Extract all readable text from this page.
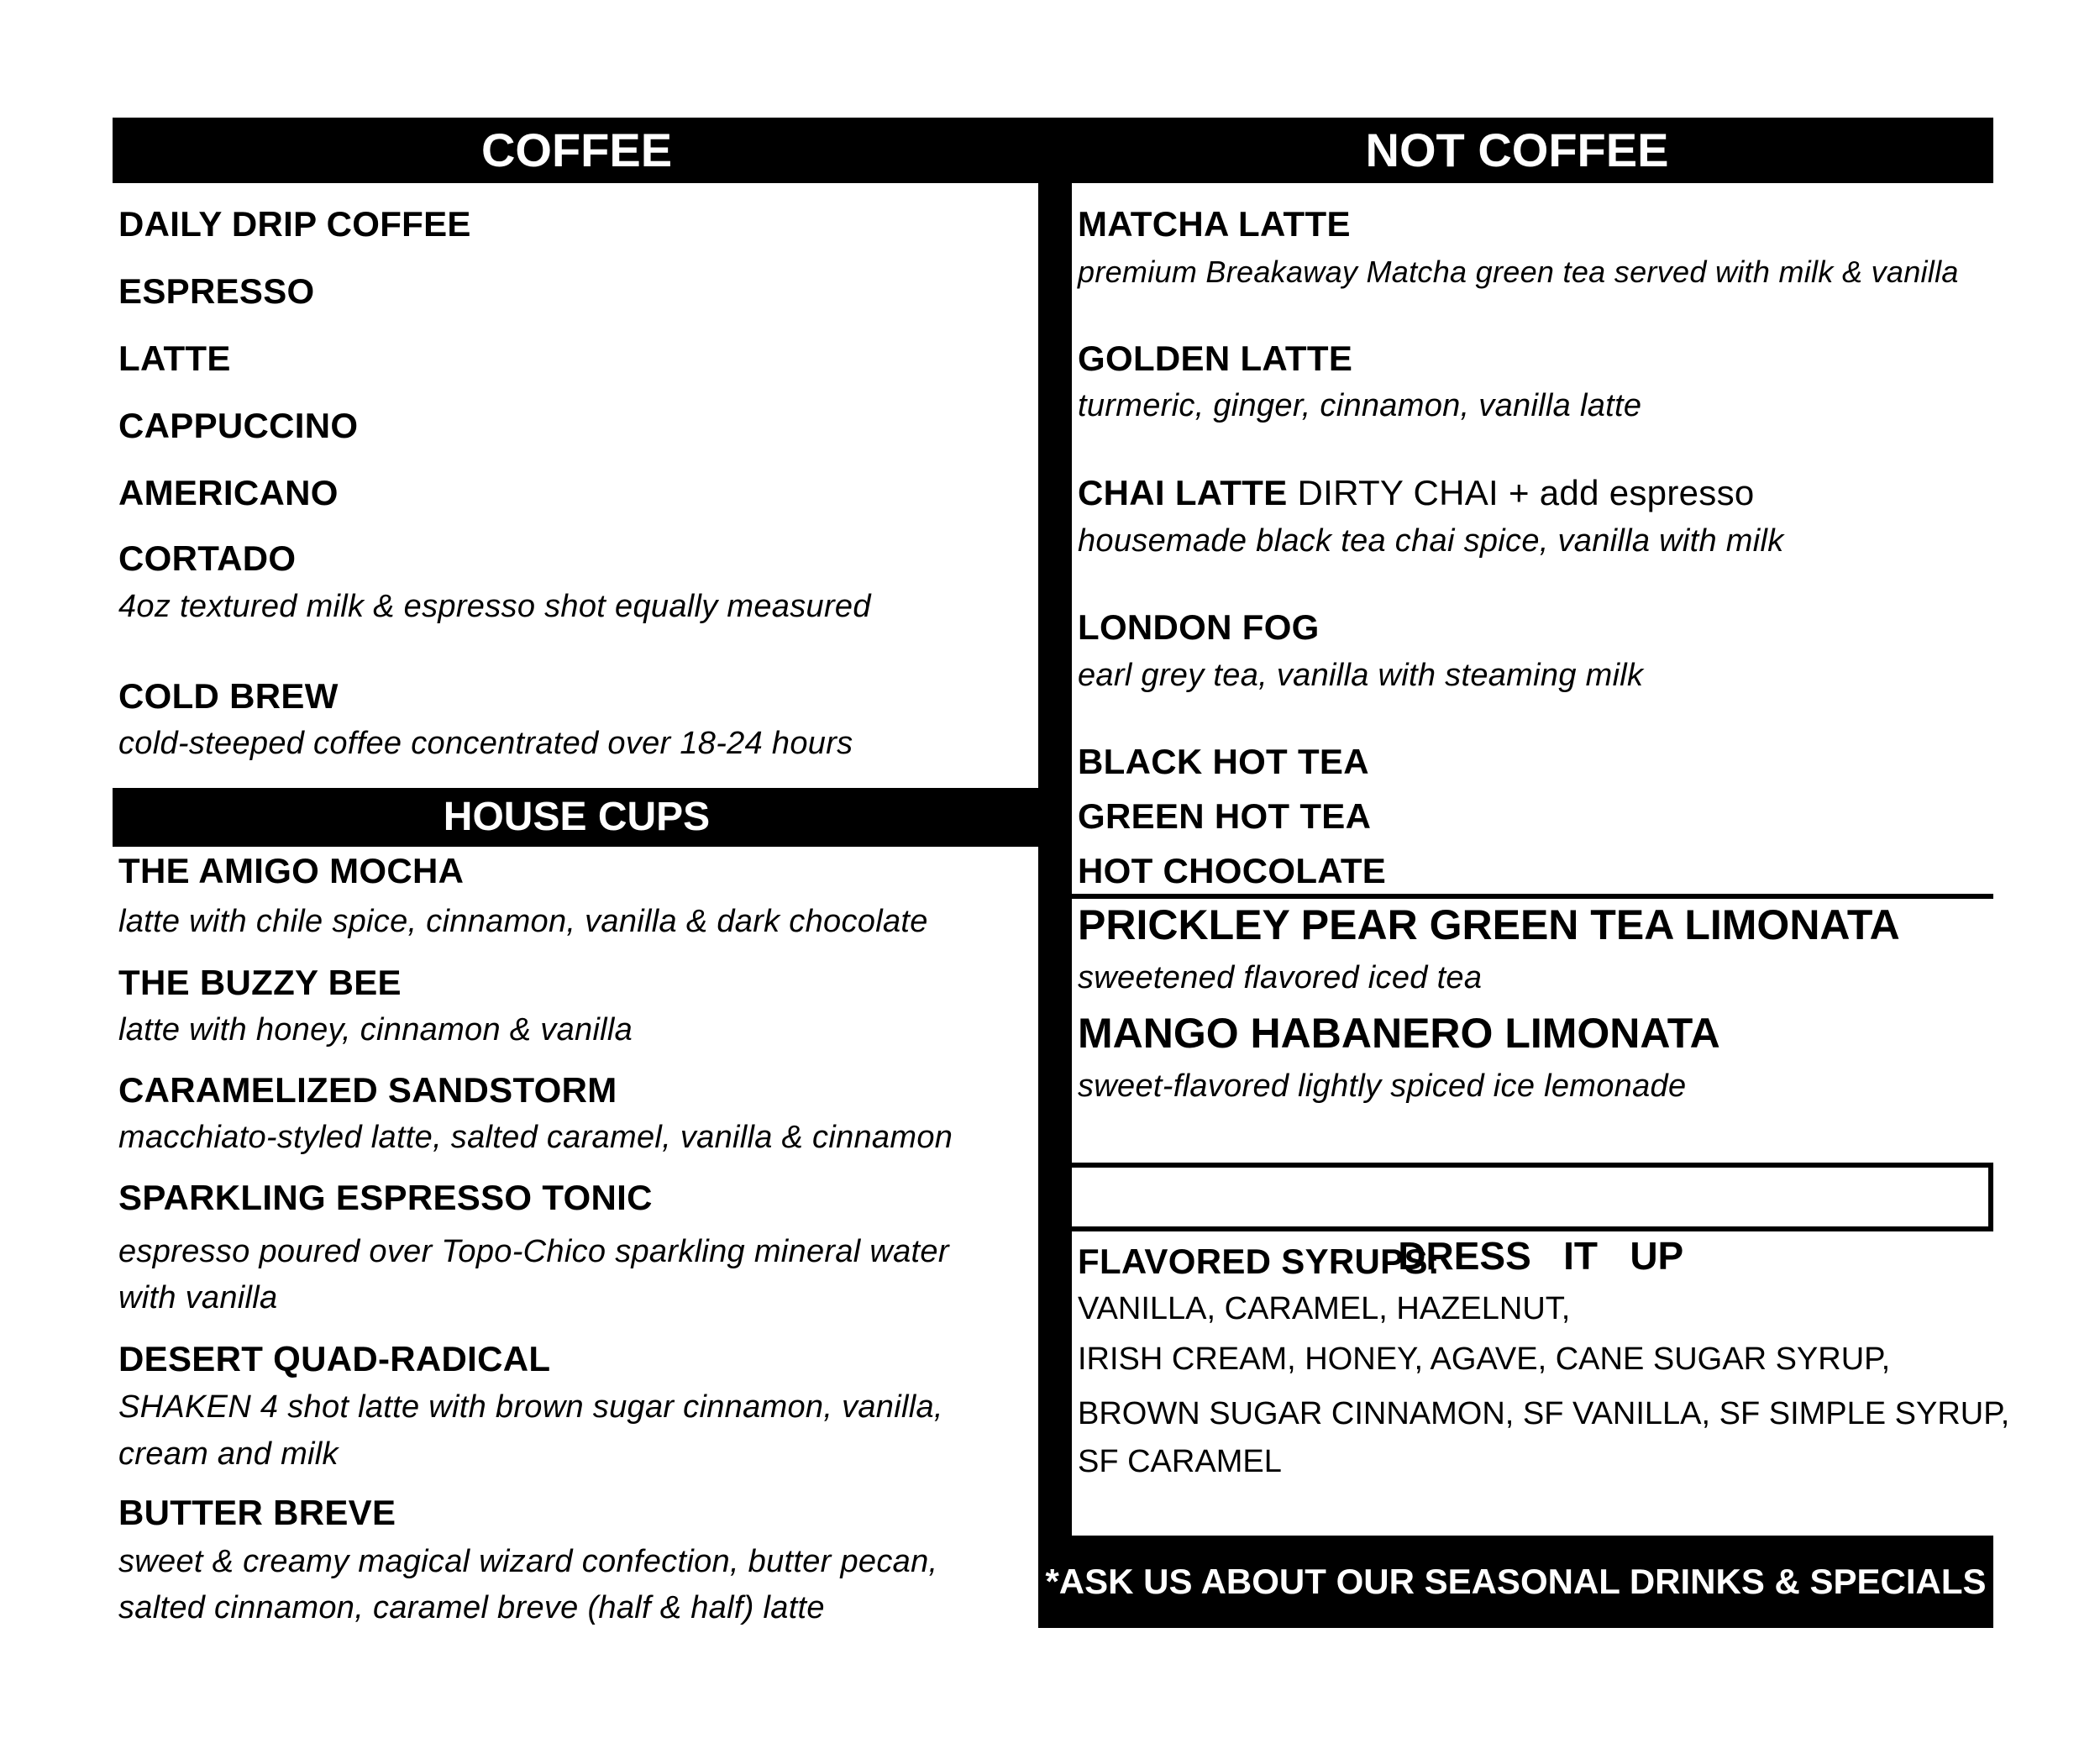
COFFEE	NOT COFFEE
DAILY DRIP COFFEE
ESPRESSO
LATTE
CAPPUCCINO
AMERICANO
CORTADO
4oz textured milk & espresso shot equally measured
COLD BREW
cold-steeped coffee concentrated over 18-24 hours
HOUSE CUPS
THE AMIGO MOCHA
latte with chile spice, cinnamon, vanilla & dark chocolate
THE BUZZY BEE
latte with honey, cinnamon & vanilla
CARAMELIZED SANDSTORM
macchiato-styled latte, salted caramel, vanilla & cinnamon
SPARKLING ESPRESSO TONIC
espresso poured over Topo-Chico sparkling mineral water
with vanilla
DESERT QUAD-RADICAL
SHAKEN 4 shot latte with brown sugar cinnamon, vanilla,
cream and milk
BUTTER BREVE
sweet & creamy magical wizard confection, butter pecan,
salted cinnamon, caramel breve (half & half) latte
MATCHA LATTE
premium Breakaway Matcha green tea served with milk & vanilla
GOLDEN LATTE
turmeric, ginger, cinnamon, vanilla latte
CHAI LATTE DIRTY CHAI + add espresso
housemade black tea chai spice, vanilla with milk
LONDON FOG
earl grey tea, vanilla with steaming milk
BLACK HOT TEA
GREEN HOT TEA
HOT CHOCOLATE
PRICKLEY PEAR GREEN TEA LIMONATA
sweetened flavored iced tea
MANGO HABANERO LIMONATA
sweet-flavored lightly spiced ice lemonade

DRESS   IT   UP

FLAVORED SYRUPS:
VANILLA, CARAMEL, HAZELNUT,
IRISH CREAM, HONEY, AGAVE, CANE SUGAR SYRUP,
BROWN SUGAR CINNAMON, SF VANILLA, SF SIMPLE SYRUP,
SF CARAMEL
*ASK US ABOUT OUR SEASONAL DRINKS & SPECIALS
